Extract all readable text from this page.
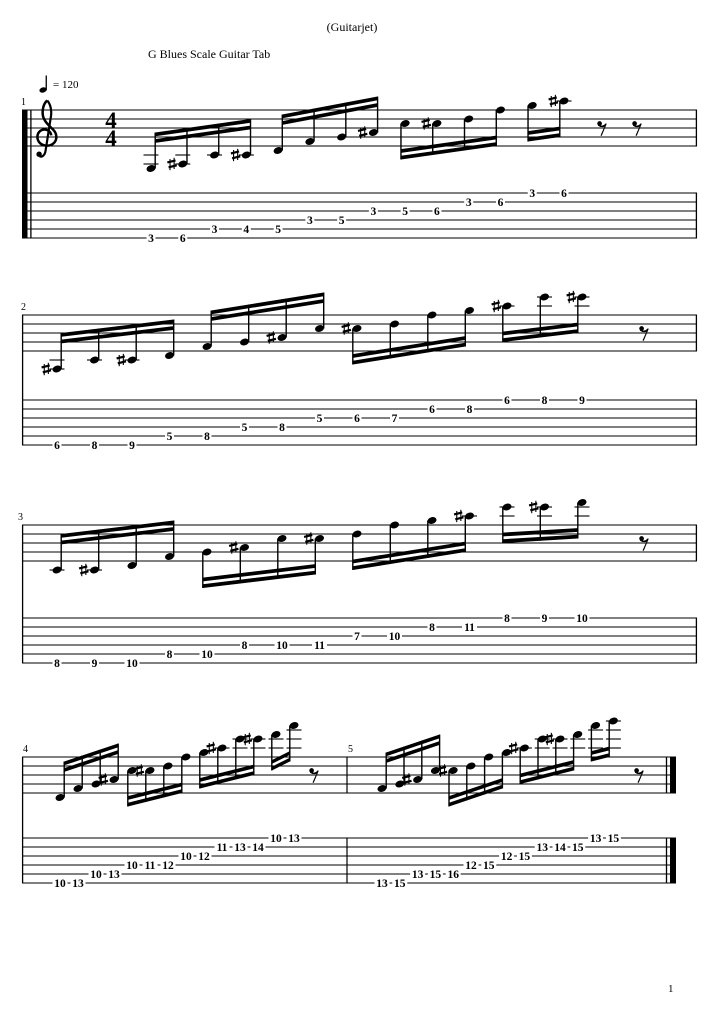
(Guitarjet)
G Blues Scale Guitar Tab
= 120
4
4
1
3 6
3 4 5
3 5
3 5 6
3 6
3 6
2
6	8	9
5	8
5	8
5	6	7
6	8
6	8	9
3
8	9	10
8	10
8	10 11
7	10
8	11
8	9	10
4
10 13
10 13
10 11 12
10 12
11 13 14
10 13
5
13 15
13 15 16
12 15
12 15
13 14 15
13 15
1
